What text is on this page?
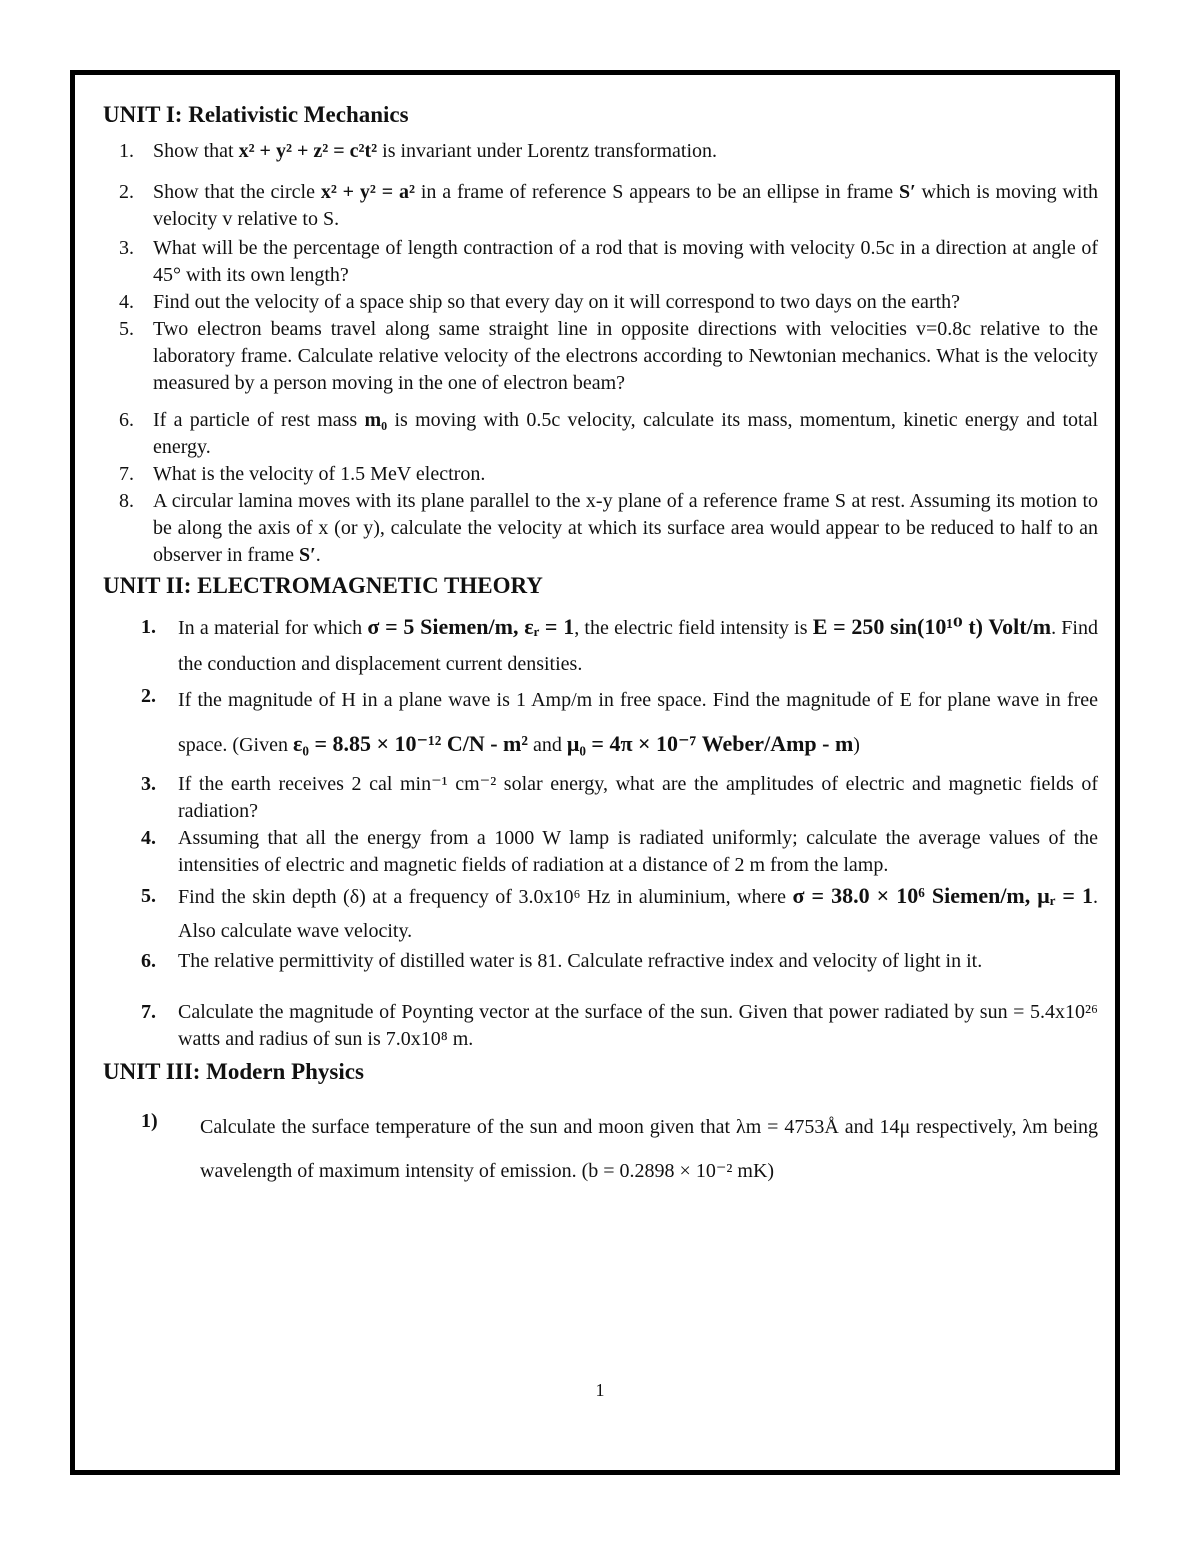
UNIT I: Relativistic Mechanics
1. Show that x² + y² + z² = c²t² is invariant under Lorentz transformation.
2. Show that the circle x² + y² = a² in a frame of reference S appears to be an ellipse in frame S′ which is moving with velocity v relative to S.
3. What will be the percentage of length contraction of a rod that is moving with velocity 0.5c in a direction at angle of 45° with its own length?
4. Find out the velocity of a space ship so that every day on it will correspond to two days on the earth?
5. Two electron beams travel along same straight line in opposite directions with velocities v=0.8c relative to the laboratory frame. Calculate relative velocity of the electrons according to Newtonian mechanics. What is the velocity measured by a person moving in the one of electron beam?
6. If a particle of rest mass m₀ is moving with 0.5c velocity, calculate its mass, momentum, kinetic energy and total energy.
7. What is the velocity of 1.5 MeV electron.
8. A circular lamina moves with its plane parallel to the x-y plane of a reference frame S at rest. Assuming its motion to be along the axis of x (or y), calculate the velocity at which its surface area would appear to be reduced to half to an observer in frame S′.
UNIT II: ELECTROMAGNETIC THEORY
1. In a material for which σ = 5 Siemen/m, εᵣ = 1, the electric field intensity is E = 250 sin(10¹⁰ t) Volt/m. Find the conduction and displacement current densities.
2. If the magnitude of H in a plane wave is 1 Amp/m in free space. Find the magnitude of E for plane wave in free space. (Given ε₀ = 8.85 × 10⁻¹² C/N - m² and μ₀ = 4π × 10⁻⁷ Weber/Amp - m)
3. If the earth receives 2 cal min⁻¹ cm⁻² solar energy, what are the amplitudes of electric and magnetic fields of radiation?
4. Assuming that all the energy from a 1000 W lamp is radiated uniformly; calculate the average values of the intensities of electric and magnetic fields of radiation at a distance of 2 m from the lamp.
5. Find the skin depth (δ) at a frequency of 3.0x10⁶ Hz in aluminium, where σ = 38.0 × 10⁶ Siemen/m, μᵣ = 1. Also calculate wave velocity.
6. The relative permittivity of distilled water is 81. Calculate refractive index and velocity of light in it.
7. Calculate the magnitude of Poynting vector at the surface of the sun. Given that power radiated by sun = 5.4x10²⁶ watts and radius of sun is 7.0x10⁸ m.
UNIT III: Modern Physics
1) Calculate the surface temperature of the sun and moon given that λm = 4753Å and 14μ respectively, λm being wavelength of maximum intensity of emission. (b = 0.2898 × 10⁻² mK)
1
